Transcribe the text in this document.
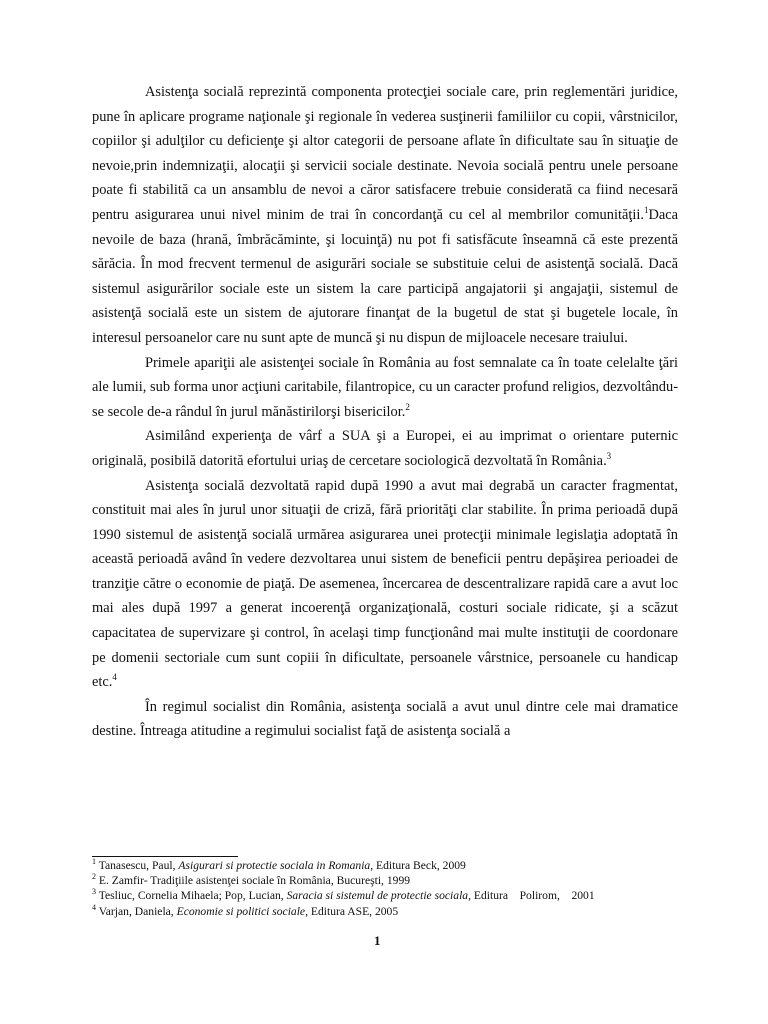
Asistenţa socială reprezintă componenta protecţiei sociale care, prin reglementări juridice, pune în aplicare programe naţionale şi regionale în vederea susţinerii familiilor cu copii, vârstnicilor, copiilor şi adulţilor cu deficienţe şi altor categorii de persoane aflate în dificultate sau în situaţie de nevoie,prin indemnizaţii, alocaţii şi servicii sociale destinate. Nevoia socială pentru unele persoane poate fi stabilită ca un ansamblu de nevoi a căror satisfacere trebuie considerată ca fiind necesară pentru asigurarea unui nivel minim de trai în concordanţă cu cel al membrilor comunităţii.$^1$Daca nevoile de baza (hrană, îmbrăcăminte, şi locuinţă) nu pot fi satisfăcute înseamnă că este prezentă sărăcia. În mod frecvent termenul de asigurări sociale se substituie celui de asistenţă socială. Dacă sistemul asigurărilor sociale este un sistem la care participă angajatorii şi angajaţii, sistemul de asistenţă socială este un sistem de ajutorare finanţat de la bugetul de stat şi bugetele locale, în interesul persoanelor care nu sunt apte de muncă şi nu dispun de mijloacele necesare traiului.

Primele apariţii ale asistenţei sociale în România au fost semnalate ca în toate celelalte ţări ale lumii, sub forma unor acţiuni caritabile, filantropice, cu un caracter profund religios, dezvoltându-se secole de-a rândul în jurul mănăstirilorşi bisericilor.$^2$

Asimilând experienţa de vârf a SUA şi a Europei, ei au imprimat o orientare puternic originală, posibilă datorită efortului uriaş de cercetare sociologică dezvoltată în România.$^3$

Asistenţa socială dezvoltată rapid după 1990 a avut mai degrabă un caracter fragmentat, constituit mai ales în jurul unor situaţii de criză, fără priorităţi clar stabilite. În prima perioadă după 1990 sistemul de asistenţă socială urmărea asigurarea unei protecţii minimale legislaţia adoptată în această perioadă având în vedere dezvoltarea unui sistem de beneficii pentru depăşirea perioadei de tranziţie către o economie de piaţă. De asemenea, încercarea de descentralizare rapidă care a avut loc mai ales după 1997 a generat incoerenţă organizaţională, costuri sociale ridicate, şi a scăzut capacitatea de supervizare şi control, în acelaşi timp funcţionând mai multe instituţii de coordonare pe domenii sectoriale cum sunt copiii în dificultate, persoanele vârstnice, persoanele cu handicap etc.$^4$

În regimul socialist din România, asistenţa socială a avut unul dintre cele mai dramatice destine. Întreaga atitudine a regimului socialist faţă de asistenţa socială a

$^1$ Tanasescu, Paul, Asigurari si protectie sociala in Romania, Editura Beck, 2009

$^2$ E. Zamfir- Tradiţiile asistenţei sociale în România, Bucureşti, 1999

$^3$ Tesliuc, Cornelia Mihaela; Pop, Lucian, Saracia si sistemul de protectie sociala, Editura    Polirom,    2001

$^4$ Varjan, Daniela, Economie si politici sociale, Editura ASE, 2005

1
